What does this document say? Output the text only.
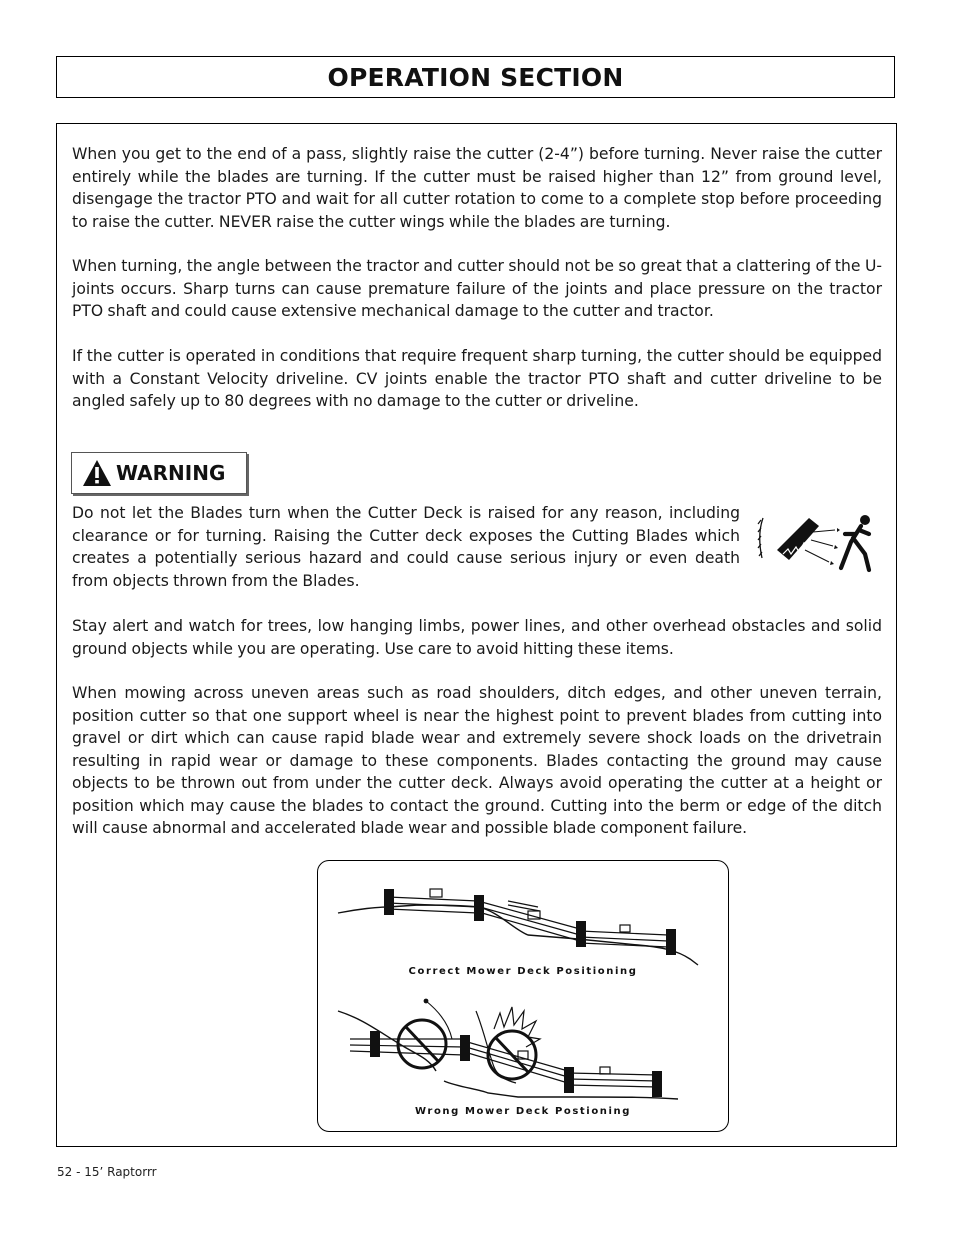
OPERATION SECTION

When you get to the end of a pass, slightly raise the cutter (2-4”) before turning. Never raise the cutter entirely while the blades are turning. If the cutter must be raised higher than 12” from ground level, disengage the tractor PTO and wait for all cutter rotation to come to a complete stop before proceeding to raise the cutter. NEVER raise the cutter wings while the blades are turning.

When turning, the angle between the tractor and cutter should not be so great that a clattering of the U-joints occurs. Sharp turns can cause premature failure of the joints and place pressure on the tractor PTO shaft and could cause extensive mechanical damage to the cutter and tractor.

If the cutter is operated in conditions that require frequent sharp turning, the cutter should be equipped with a Constant Velocity driveline. CV joints enable the tractor PTO shaft and cutter driveline to be angled safely up to 80 degrees with no damage to the cutter or driveline.

WARNING

Do not let the Blades turn when the Cutter Deck is raised for any reason, including clearance or for turning. Raising the Cutter deck exposes the Cutting Blades which creates a potentially serious hazard and could cause serious injury or even death from objects thrown from the Blades.

Stay alert and watch for trees, low hanging limbs, power lines, and other overhead obstacles and solid ground objects while you are operating. Use care to avoid hitting these items.

When mowing across uneven areas such as road shoulders, ditch edges, and other uneven terrain, position cutter so that one support wheel is near the highest point to prevent blades from cutting into gravel or dirt which can cause rapid blade wear and extremely severe shock loads on the drivetrain resulting in rapid wear or damage to these components. Blades contacting the ground may cause objects to be thrown out from under the cutter deck. Always avoid operating the cutter at a height or position which may cause the blades to contact the ground. Cutting into the berm or edge of the ditch will cause abnormal and accelerated blade wear and possible blade component failure.

Correct Mower Deck Positioning
Wrong Mower Deck Postioning
52 - 15’ Raptorrr
